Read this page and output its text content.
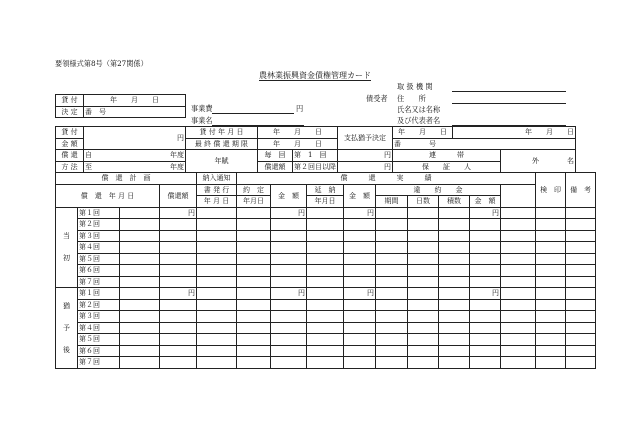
要領様式第8号（第27関係）
農林業振興資金債権管理カード
取 扱 機 関
債受者 住　　所
氏名又は名称
及び代表者名
貸 付	年　　月　　日
決 定	番　号	事業費	円
事業名
貸 付	円	貸 付 年 月 日	年　　月　　日		支払猶予決定	年　　月　　日	年　　月　　日	
金 額		最 終 償 還 期 限	年　　月　　日			番　　　　号		
償 還	自 年度	年賦	毎　回	第　1　回	円	連　　　帯		外　　　　名
方 法	至 年度		償還額	第２回目以降	円	保　　証　　人		
償　還　計　画				納入通知	償　　　還　　　実　　　績									検　印	備　考
償　還　年 月 日			償還額	書 発 行	約　定	金　額	延　納	金　額	違　　約　　金						
				年 月 日	年月日		年月日		期間	日数	積数	金　額			

当
初	第１回		円			円		円				円			
	第２回														
	第３回														
	第４回														
	第５回														
	第６回														
	第７回														

猶
予
後	第１回		円			円		円				円			
	第２回														
	第３回														
	第４回														
	第５回														
	第６回														
	第７回														
